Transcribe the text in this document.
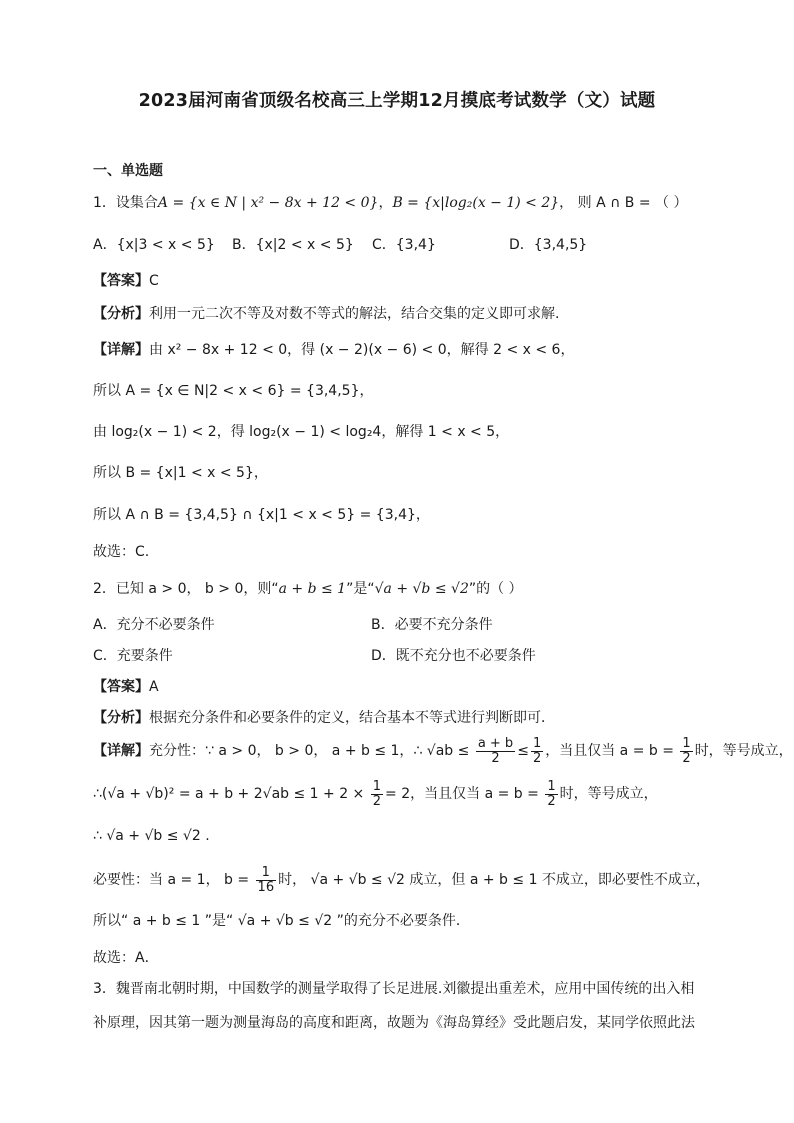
2023届河南省顶级名校高三上学期12月摸底考试数学（文）试题
一、单选题
1．设集合A = {x ∈ N | x² − 8x + 12 < 0}，B = {x|log₂(x − 1) < 2}， 则 A ∩ B = （ ）
A．{x|3 < x < 5} B．{x|2 < x < 5} C．{3,4}	D．{3,4,5}
【答案】C
【分析】利用一元二次不等及对数不等式的解法，结合交集的定义即可求解.
【详解】由 x² − 8x + 12 < 0，得 (x − 2)(x − 6) < 0，解得 2 < x < 6，
所以 A = {x ∈ N|2 < x < 6} = {3,4,5}，
由 log₂(x − 1) < 2，得 log₂(x − 1) < log₂4，解得 1 < x < 5，
所以 B = {x|1 < x < 5}，
所以 A ∩ B = {3,4,5} ∩ {x|1 < x < 5} = {3,4}，
故选：C.
2．已知 a > 0， b > 0，则“a + b ≤ 1”是“√a + √b ≤ √2”的（ ）
A．充分不必要条件	B．必要不充分条件
C．充要条件	D．既不充分也不必要条件
【答案】A
【分析】根据充分条件和必要条件的定义，结合基本不等式进行判断即可．
【详解】充分性：∵ a > 0， b > 0， a + b ≤ 1，∴ $√ab \le \frac{a + b}{2} \le \frac{1}{2}$ ，当且仅当 $a = b = \frac{1}{2}$ 时，等号成立，
∴(√a + $√b)^2 = a + b + 2√ab \le 1 + 2 \times \frac{1}{2} = 2$，当且仅当 $a = b = \frac{1}{2}$ 时，等号成立，
∴ √a + √b ≤ √2 .
必要性：当 a = 1， $b = \frac{1}{16}$ 时， √a + √b ≤ √2 成立，但 a + b ≤ 1 不成立，即必要性不成立，
所以“ a + b ≤ 1 ”是“ √a + √b ≤ √2 ”的充分不必要条件．
故选：A．
3．魏晋南北朝时期，中国数学的测量学取得了长足进展.刘徽提出重差术，应用中国传统的出入相
补原理，因其第一题为测量海岛的高度和距离，故题为《海岛算经》受此题启发，某同学依照此法
